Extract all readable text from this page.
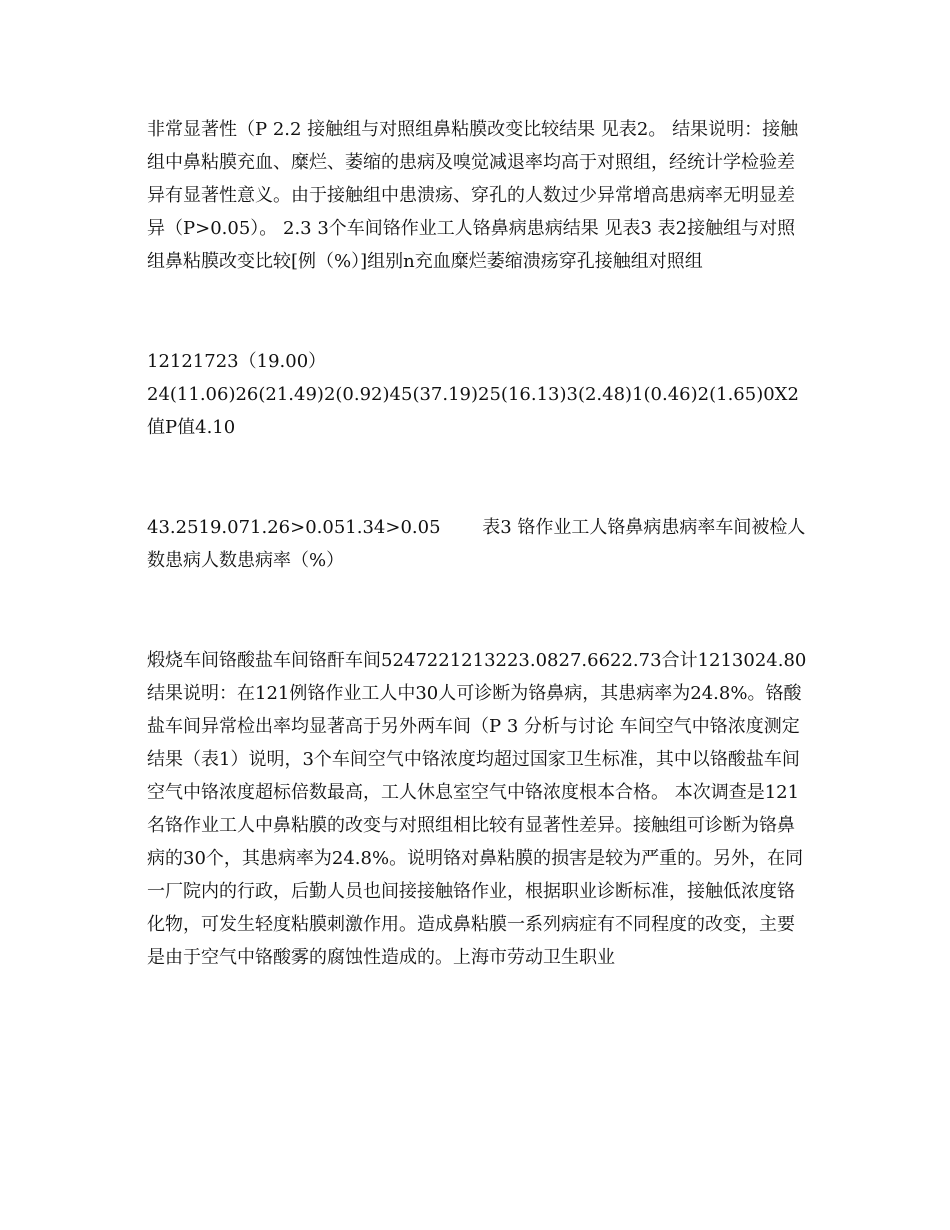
非常显著性（P 2.2 接触组与对照组鼻粘膜改变比较结果 见表2。 结果说明：接触组中鼻粘膜充血、糜烂、萎缩的患病及嗅觉减退率均高于对照组，经统计学检验差异有显著性意义。由于接触组中患溃疡、穿孔的人数过少异常增高患病率无明显差异（P>0.05）。 2.3 3个车间铬作业工人铬鼻病患病结果 见表3 表2接触组与对照组鼻粘膜改变比较[例（%）]组别n充血糜烂萎缩溃疡穿孔接触组对照组

12121723（19.00）
24(11.06)26(21.49)2(0.92)45(37.19)25(16.13)3(2.48)1(0.46)2(1.65)0X2值P值4.10

43.2519.071.26>0.051.34>0.05　　 表3 铬作业工人铬鼻病患病率车间被检人数患病人数患病率（%）

煅烧车间铬酸盐车间铬酐车间5247221213223.0827.6622.73合计1213024.80 结果说明：在121例铬作业工人中30人可诊断为铬鼻病，其患病率为24.8%。铬酸盐车间异常检出率均显著高于另外两车间（P 3 分析与讨论 车间空气中铬浓度测定结果（表1）说明，3个车间空气中铬浓度均超过国家卫生标准，其中以铬酸盐车间空气中铬浓度超标倍数最高，工人休息室空气中铬浓度根本合格。 本次调查是121名铬作业工人中鼻粘膜的改变与对照组相比较有显著性差异。接触组可诊断为铬鼻病的30个，其患病率为24.8%。说明铬对鼻粘膜的损害是较为严重的。另外，在同一厂院内的行政，后勤人员也间接接触铬作业，根据职业诊断标准，接触低浓度铬化物，可发生轻度粘膜刺激作用。造成鼻粘膜一系列病症有不同程度的改变，主要是由于空气中铬酸雾的腐蚀性造成的。上海市劳动卫生职业
